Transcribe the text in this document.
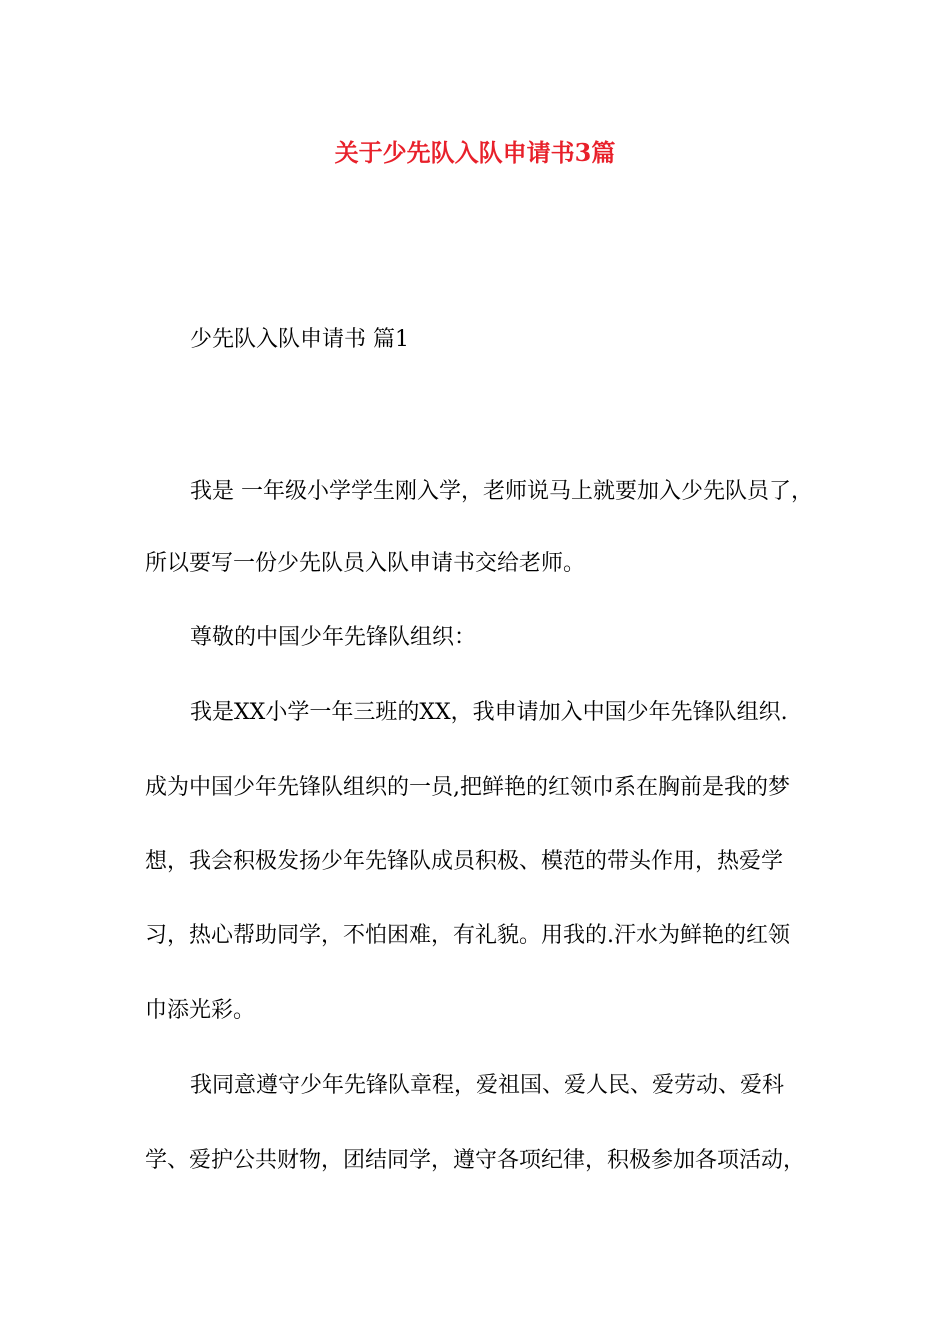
关于少先队入队申请书3篇

少先队入队申请书 篇1

我是 一年级小学学生刚入学，老师说马上就要加入少先队员了，

所以要写一份少先队员入队申请书交给老师。

尊敬的中国少年先锋队组织：

我是XX小学一年三班的XX，我申请加入中国少年先锋队组织.

成为中国少年先锋队组织的一员,把鲜艳的红领巾系在胸前是我的梦

想，我会积极发扬少年先锋队成员积极、模范的带头作用，热爱学

习，热心帮助同学，不怕困难，有礼貌。用我的.汗水为鲜艳的红领

巾添光彩。

我同意遵守少年先锋队章程，爱祖国、爱人民、爱劳动、爱科

学、爱护公共财物，团结同学，遵守各项纪律，积极参加各项活动，
